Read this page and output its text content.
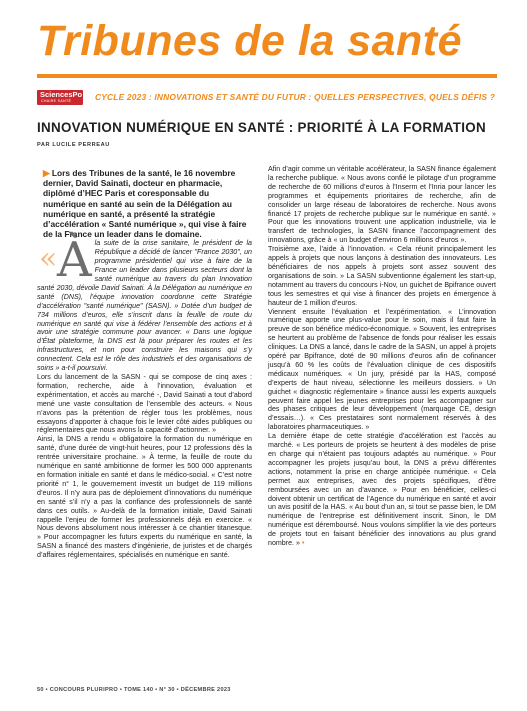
Tribunes de la santé
SciencesPo
CHAIRE SANTÉ	CYCLE 2023 : INNOVATIONS ET SANTÉ DU FUTUR : QUELLES PERSPECTIVES, QUELS DÉFIS ?
INNOVATION NUMÉRIQUE EN SANTÉ : PRIORITÉ À LA FORMATION
PAR LUCILE PERREAU

▶ Lors des Tribunes de la santé, le 16 novembre dernier, David Sainati, docteur en pharmacie, diplômé d’HEC Paris et coresponsable du numérique en santé au sein de la Délégation au numérique en santé, a présenté la stratégie d’accélération « Santé numérique », qui vise à faire de la France un leader dans le domaine.

« À la suite de la crise sanitaire, le président de la République a décidé de lancer "France 2030", un programme présidentiel qui vise à faire de la France un leader dans plusieurs secteurs dont la santé numérique au travers du plan Innovation santé 2030, dévoile David Sainati. À la Délégation au numérique en santé (DNS), l’équipe innovation coordonne cette Stratégie d’accélération "santé numérique" (SASN). » Dotée d’un budget de 734 millions d’euros, elle s’inscrit dans la feuille de route du numérique en santé qui vise à fédérer l’ensemble des actions et à avoir une stratégie commune pour avancer. « Dans une logique d’État plateforme, la DNS est là pour préparer les routes et les infrastructures, et non pour construire les maisons qui s’y connectent. Cela est le rôle des industriels et des organisations de soins » a-t-il poursuivi.

Lors du lancement de la SASN - qui se compose de cinq axes : formation, recherche, aide à l’innovation, évaluation et expérimentation, et accès au marché -, David Sainati a tout d’abord mené une vaste consultation de l’ensemble des acteurs. « Nous n’avons pas la prétention de régler tous les problèmes, nous essayons d’apporter à chaque fois le levier côté aides publiques ou réglementaires que nous avons la capacité d’actionner. »

Ainsi, la DNS a rendu « obligatoire la formation du numérique en santé, d’une durée de vingt-huit heures, pour 12 professions dès la rentrée universitaire prochaine. » À terme, la feuille de route du numérique en santé ambitionne de former les 500 000 apprenants en formation initiale en santé et dans le médico-social. « C’est notre priorité n° 1, le gouvernement investit un budget de 119 millions d’euros. Il n’y aura pas de déploiement d’innovations du numérique en santé s’il n’y a pas la confiance des professionnels de santé dans ces outils. » Au-delà de la formation initiale, David Sainati rappelle l’enjeu de former les professionnels déjà en exercice. « Nous devons absolument nous intéresser à ce chantier titanesque. » Pour accompagner les futurs experts du numérique en santé, la SASN a financé des masters d’ingénierie, de juristes et de chargés d’affaires réglementaires, spécialisés en numérique en santé.

Afin d’agir comme un véritable accélérateur, la SASN finance également la recherche publique. « Nous avons confié le pilotage d’un programme de recherche de 60 millions d’euros à l’Inserm et l’Inria pour lancer les programmes et équipements prioritaires de recherche, afin de consolider un large réseau de laboratoires de recherche. Nous avons financé 17 projets de recherche publique sur le numérique en santé. » Pour que les innovations trouvent une application industrielle, via le transfert de technologies, la SASN finance l’accompagnement des innovations, grâce à « un budget d’environ 6 millions d’euros ».

Troisième axe, l’aide à l’innovation. « Cela réunit principalement les appels à projets que nous lançons à destination des innovateurs. Les bénéficiaires de nos appels à projets sont assez souvent des organisations de soin. » La SASN subventionne également les start-up, notamment au travers du concours i-Nov, un guichet de Bpifrance ouvert tous les semestres et qui vise à financer des projets en émergence à hauteur de 1 million d’euros.

Viennent ensuite l’évaluation et l’expérimentation. « L’innovation numérique apporte une plus-value pour le soin, mais il faut faire la preuve de son bénéfice médico-économique. » Souvent, les entreprises se heurtent au problème de l’absence de fonds pour réaliser les essais cliniques. La DNS a lancé, dans le cadre de la SASN, un appel à projets opéré par Bpifrance, doté de 90 millions d’euros afin de cofinancer jusqu’à 60 % les coûts de l’évaluation clinique de ces dispositifs médicaux numériques. « Un jury, présidé par la HAS, composé d’experts de haut niveau, sélectionne les meilleurs dossiers. » Un guichet « diagnostic réglementaire » finance aussi les experts auxquels peuvent faire appel les jeunes entreprises pour les accompagner sur des phases critiques de leur développement (marquage CE, design d’essais…). « Ces prestataires sont normalement réservés à des laboratoires pharmaceutiques. »

La dernière étape de cette stratégie d’accélération est l’accès au marché. « Les porteurs de projets se heurtent à des modèles de prise en charge qui n’étaient pas toujours adaptés au numérique. » Pour accompagner les projets jusqu’au bout, la DNS a prévu différentes actions, notamment la prise en charge anticipée numérique. « Cela permet aux entreprises, avec des projets spécifiques, d’être remboursées avec un an d’avance. » Pour en bénéficier, celles-ci doivent obtenir un certificat de l’Agence du numérique en santé et avoir un avis positif de la HAS. « Au bout d’un an, si tout se passe bien, le DM numérique de l’entreprise est définitivement inscrit. Sinon, le DM numérique est déremboursé. Nous voulons simplifier la vie des porteurs de projets tout en faisant bénéficier des innovations au plus grand nombre. » •

50 • CONCOURS PLURIPRO • TOME 140 • N° 30 • DÉCEMBRE 2023
